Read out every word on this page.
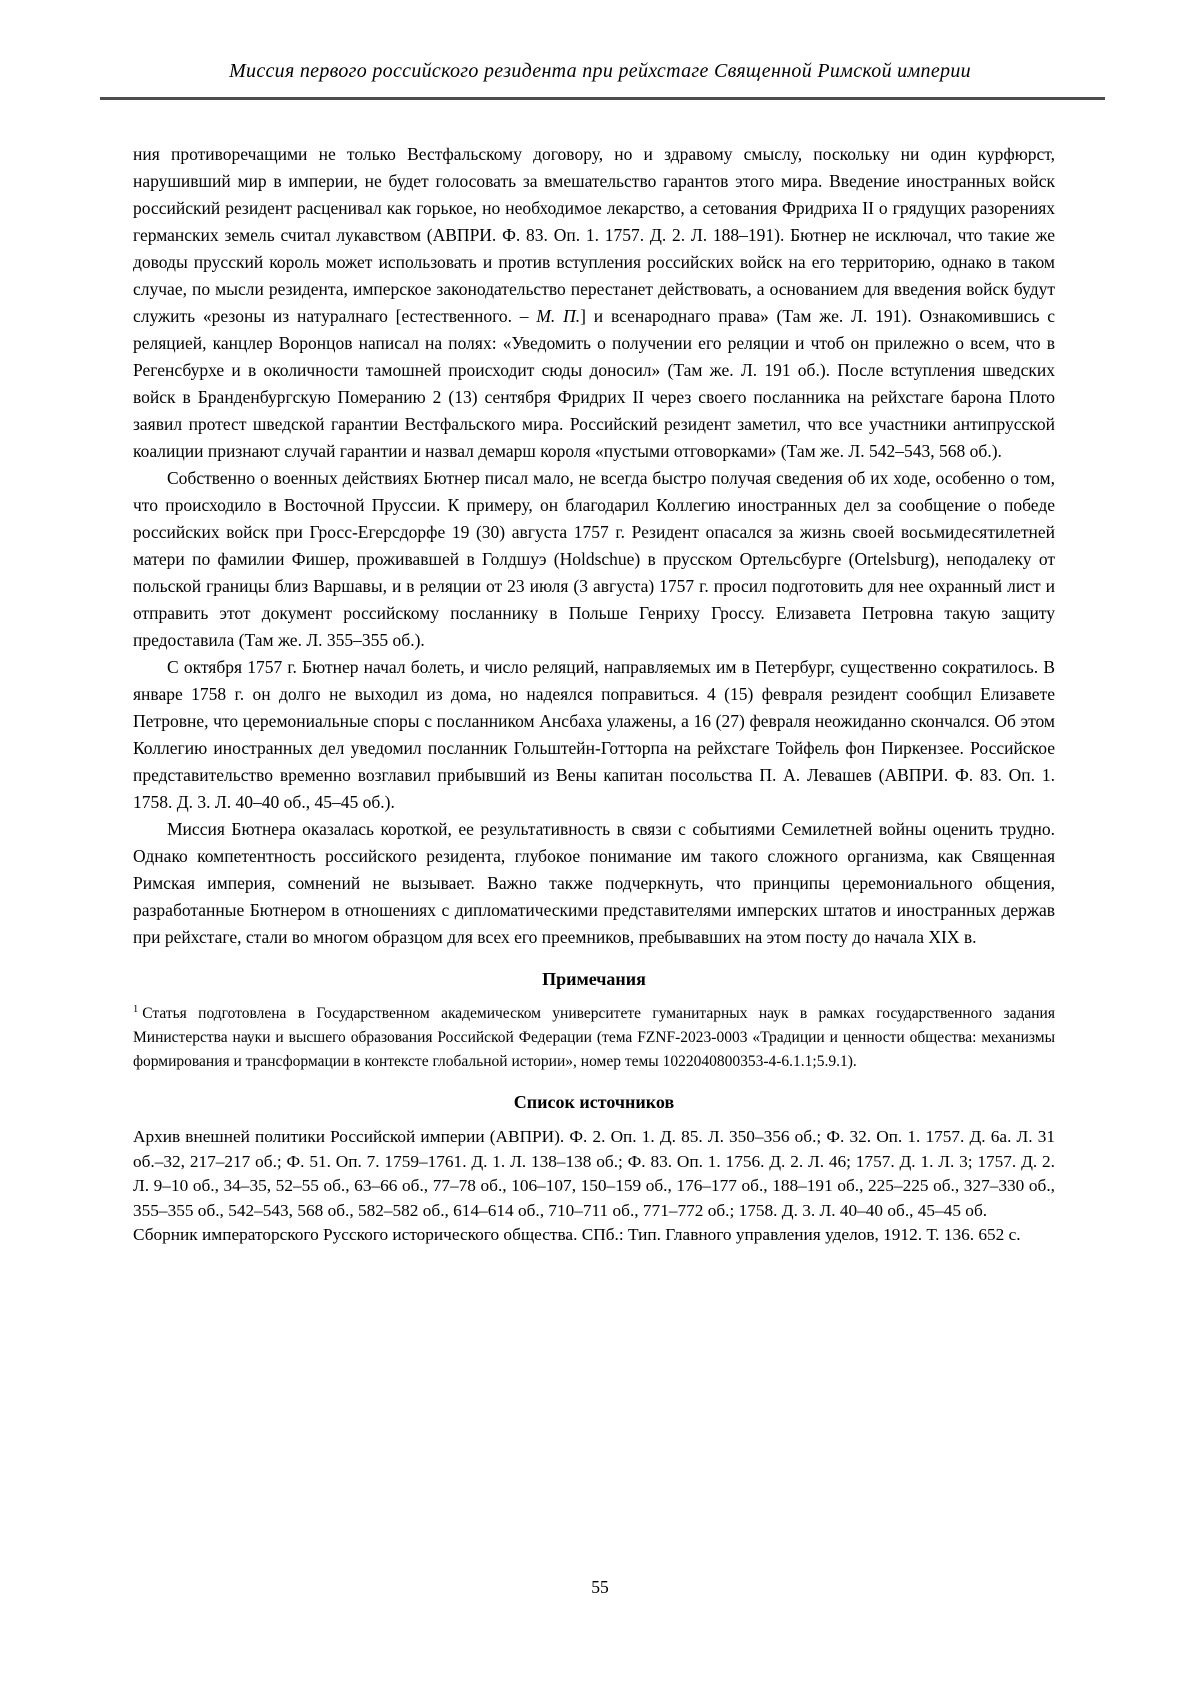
Миссия первого российского резидента при рейхстаге Священной Римской империи

ния противоречащими не только Вестфальскому договору, но и здравому смыслу, поскольку ни один курфюрст, нарушивший мир в империи, не будет голосовать за вмешательство гарантов этого мира. Введение иностранных войск российский резидент расценивал как горькое, но необходимое лекарство, а сетования Фридриха II о грядущих разорениях германских земель считал лукавством (АВПРИ. Ф. 83. Оп. 1. 1757. Д. 2. Л. 188–191). Бютнер не исключал, что такие же доводы прусский король может использовать и против вступления российских войск на его территорию, однако в таком случае, по мысли резидента, имперское законодательство перестанет действовать, а основанием для введения войск будут служить «резоны из натуралнаго [естественного. – М. П.] и всенароднаго права» (Там же. Л. 191). Ознакомившись с реляцией, канцлер Воронцов написал на полях: «Уведомить о получении его реляции и чтоб он прилежно о всем, что в Регенсбурхе и в околичности тамошней происходит сюды доносил» (Там же. Л. 191 об.). После вступления шведских войск в Бранденбургскую Померанию 2 (13) сентября Фридрих II через своего посланника на рейхстаге барона Плото заявил протест шведской гарантии Вестфальского мира. Российский резидент заметил, что все участники антипрусской коалиции признают случай гарантии и назвал демарш короля «пустыми отговорками» (Там же. Л. 542–543, 568 об.).

Собственно о военных действиях Бютнер писал мало, не всегда быстро получая сведения об их ходе, особенно о том, что происходило в Восточной Пруссии. К примеру, он благодарил Коллегию иностранных дел за сообщение о победе российских войск при Гросс-Егерсдорфе 19 (30) августа 1757 г. Резидент опасался за жизнь своей восьмидесятилетней матери по фамилии Фишер, проживавшей в Голдшуэ (Holdschue) в прусском Ортельсбурге (Ortelsburg), неподалеку от польской границы близ Варшавы, и в реляции от 23 июля (3 августа) 1757 г. просил подготовить для нее охранный лист и отправить этот документ российскому посланнику в Польше Генриху Гроссу. Елизавета Петровна такую защиту предоставила (Там же. Л. 355–355 об.).

С октября 1757 г. Бютнер начал болеть, и число реляций, направляемых им в Петербург, существенно сократилось. В январе 1758 г. он долго не выходил из дома, но надеялся поправиться. 4 (15) февраля резидент сообщил Елизавете Петровне, что церемониальные споры с посланником Ансбаха улажены, а 16 (27) февраля неожиданно скончался. Об этом Коллегию иностранных дел уведомил посланник Гольштейн-Готторпа на рейхстаге Тойфель фон Пиркензее. Российское представительство временно возглавил прибывший из Вены капитан посольства П. А. Левашев (АВПРИ. Ф. 83. Оп. 1. 1758. Д. 3. Л. 40–40 об., 45–45 об.).

Миссия Бютнера оказалась короткой, ее результативность в связи с событиями Семилетней войны оценить трудно. Однако компетентность российского резидента, глубокое понимание им такого сложного организма, как Священная Римская империя, сомнений не вызывает. Важно также подчеркнуть, что принципы церемониального общения, разработанные Бютнером в отношениях с дипломатическими представителями имперских штатов и иностранных держав при рейхстаге, стали во многом образцом для всех его преемников, пребывавших на этом посту до начала XIX в.

Примечания

$^1$ Статья подготовлена в Государственном академическом университете гуманитарных наук в рамках государственного задания Министерства науки и высшего образования Российской Федерации (тема FZNF-2023-0003 «Традиции и ценности общества: механизмы формирования и трансформации в контексте глобальной истории», номер темы 1022040800353-4-6.1.1;5.9.1).

Список источников

Архив внешней политики Российской империи (АВПРИ). Ф. 2. Оп. 1. Д. 85. Л. 350–356 об.; Ф. 32. Оп. 1. 1757. Д. 6а. Л. 31 об.–32, 217–217 об.; Ф. 51. Оп. 7. 1759–1761. Д. 1. Л. 138–138 об.; Ф. 83. Оп. 1. 1756. Д. 2. Л. 46; 1757. Д. 1. Л. 3; 1757. Д. 2. Л. 9–10 об., 34–35, 52–55 об., 63–66 об., 77–78 об., 106–107, 150–159 об., 176–177 об., 188–191 об., 225–225 об., 327–330 об., 355–355 об., 542–543, 568 об., 582–582 об., 614–614 об., 710–711 об., 771–772 об.; 1758. Д. 3. Л. 40–40 об., 45–45 об.

Сборник императорского Русского исторического общества. СПб.: Тип. Главного управления уделов, 1912. Т. 136. 652 с.

55
